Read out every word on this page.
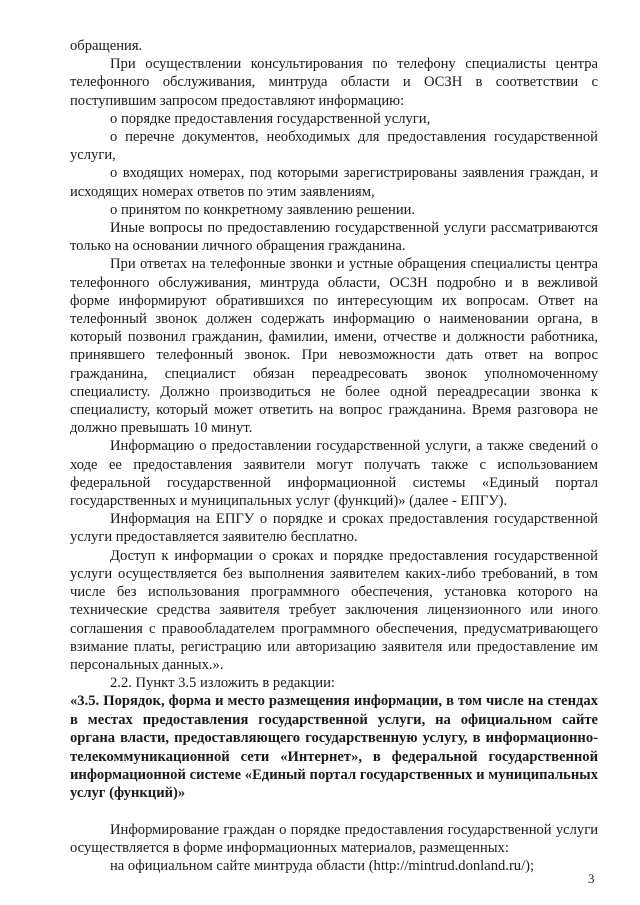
обращения.

При осуществлении консультирования по телефону специалисты центра телефонного обслуживания, минтруда области и ОСЗН в соответствии с поступившим запросом предоставляют информацию:

о порядке предоставления государственной услуги,

о перечне документов, необходимых для предоставления государственной услуги,

о входящих номерах, под которыми зарегистрированы заявления граждан, и исходящих номерах ответов по этим заявлениям,

о принятом по конкретному заявлению решении.

Иные вопросы по предоставлению государственной услуги рассматриваются только на основании личного обращения гражданина.

При ответах на телефонные звонки и устные обращения специалисты центра телефонного обслуживания, минтруда области, ОСЗН подробно и в вежливой форме информируют обратившихся по интересующим их вопросам. Ответ на телефонный звонок должен содержать информацию о наименовании органа, в который позвонил гражданин, фамилии, имени, отчестве и должности работника, принявшего телефонный звонок. При невозможности дать ответ на вопрос гражданина, специалист обязан переадресовать звонок уполномоченному специалисту. Должно производиться не более одной переадресации звонка к специалисту, который может ответить на вопрос гражданина. Время разговора не должно превышать 10 минут.

Информацию о предоставлении государственной услуги, а также сведений о ходе ее предоставления заявители могут получать также с использованием федеральной государственной информационной системы «Единый портал государственных и муниципальных услуг (функций)» (далее - ЕПГУ).

Информация на ЕПГУ о порядке и сроках предоставления государственной услуги предоставляется заявителю бесплатно.

Доступ к информации о сроках и порядке предоставления государственной услуги осуществляется без выполнения заявителем каких-либо требований, в том числе без использования программного обеспечения, установка которого на технические средства заявителя требует заключения лицензионного или иного соглашения с правообладателем программного обеспечения, предусматривающего взимание платы, регистрацию или авторизацию заявителя или предоставление им персональных данных.».

2.2. Пункт 3.5 изложить в редакции:

«3.5. Порядок, форма и место размещения информации, в том числе на стендах в местах предоставления государственной услуги, на официальном сайте органа власти, предоставляющего государственную услугу, в информационно-телекоммуникационной сети «Интернет», в федеральной государственной информационной системе «Единый портал государственных и муниципальных услуг (функций)»

Информирование граждан о порядке предоставления государственной услуги осуществляется в форме информационных материалов, размещенных:

на официальном сайте минтруда области (http://mintrud.donland.ru/);

3
